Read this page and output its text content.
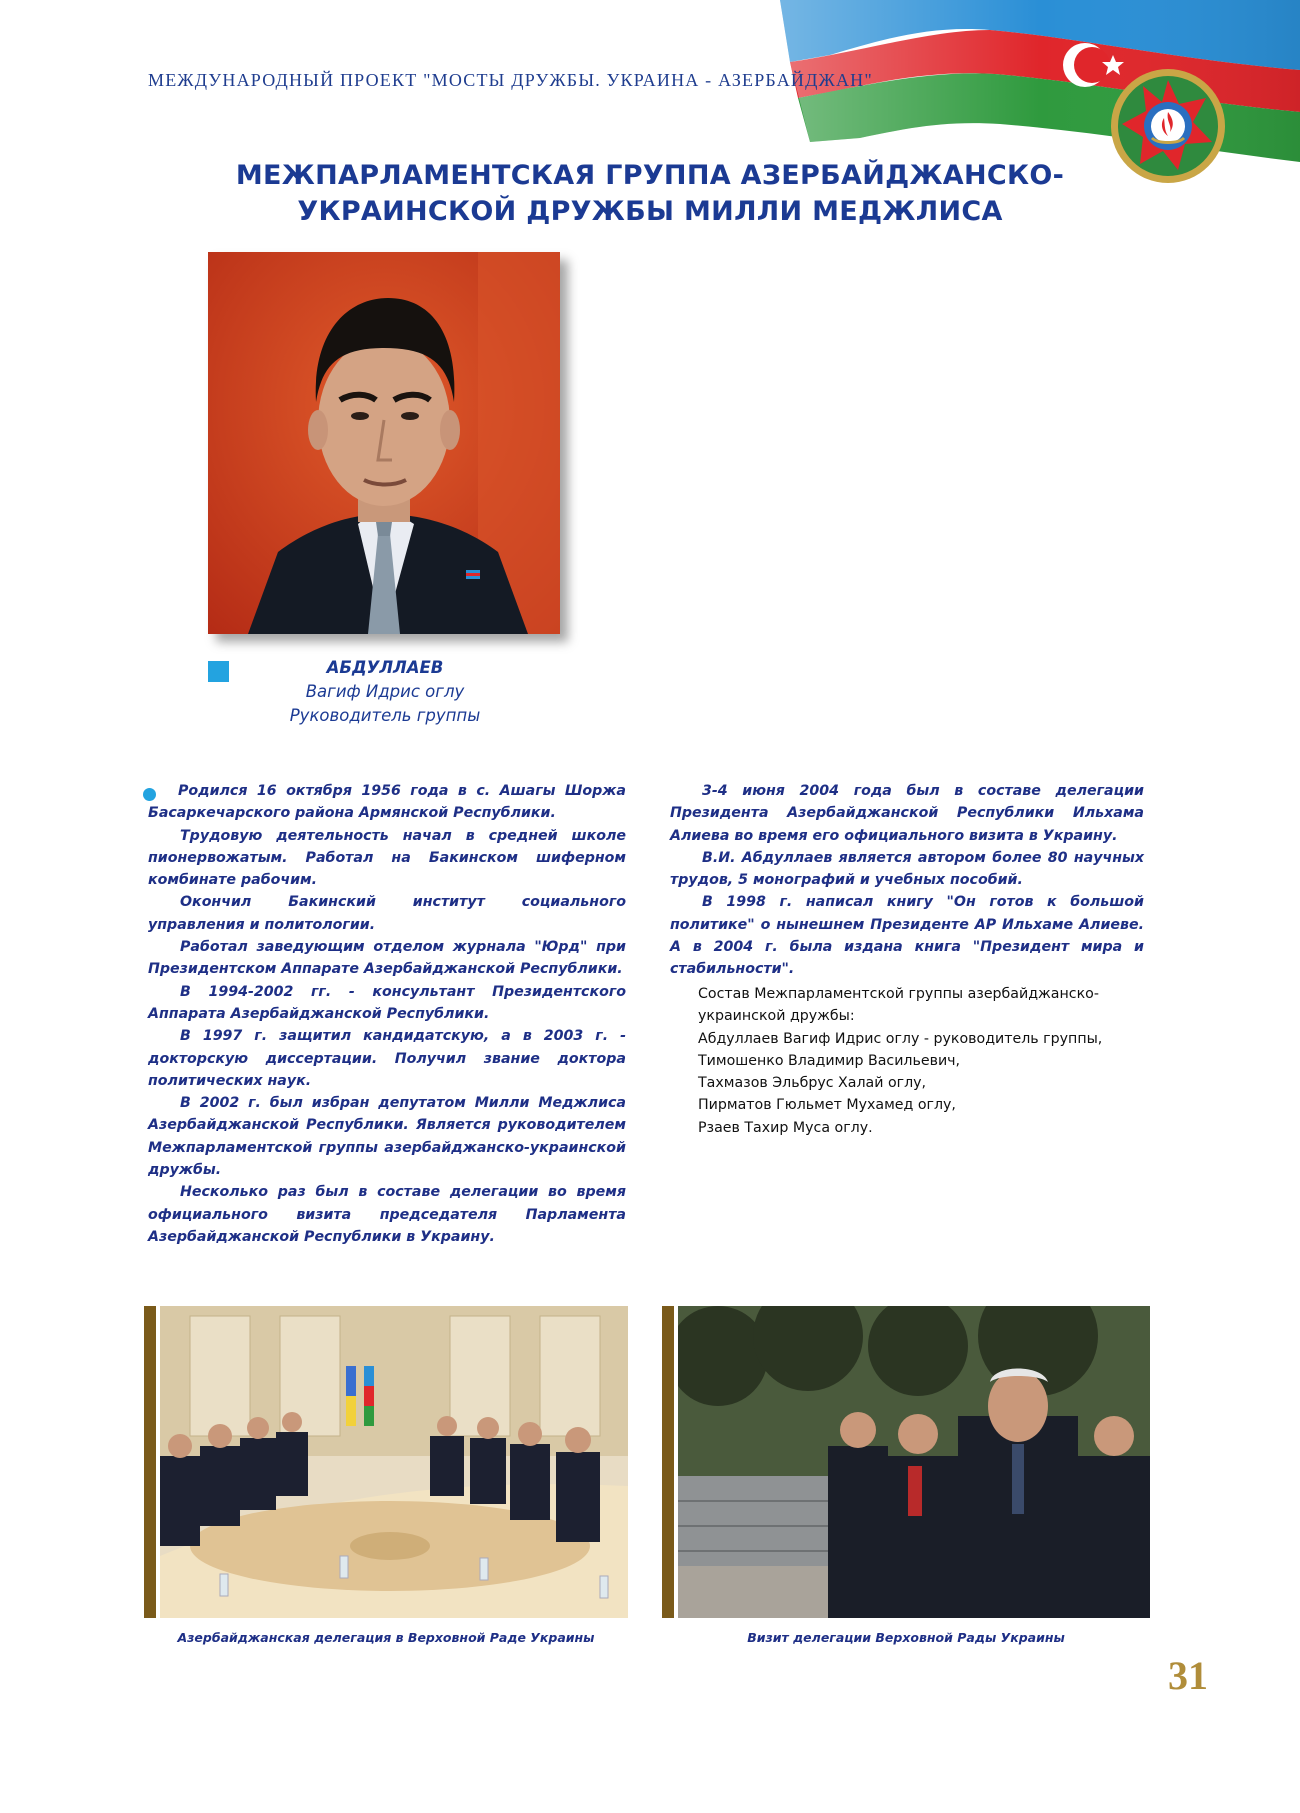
МЕЖДУНАРОДНЫЙ ПРОЕКТ "МОСТЫ ДРУЖБЫ. УКРАИНА - АЗЕРБАЙДЖАН"
МЕЖПАРЛАМЕНТСКАЯ ГРУППА АЗЕРБАЙДЖАНСКО-
УКРАИНСКОЙ ДРУЖБЫ МИЛЛИ МЕДЖЛИСА
АБДУЛЛАЕВ
Вагиф Идрис оглу
Руководитель группы

Родился 16 октября 1956 года в с. Ашагы Шоржа Басаркечарского района Армянской Республики.

Трудовую деятельность начал в средней школе пионервожатым. Работал на Бакинском шиферном комбинате рабочим.

Окончил Бакинский институт социального управления и политологии.

Работал заведующим отделом журнала "Юрд" при Президентском Аппарате Азербайджанской Республики.

В 1994-2002 гг. - консультант Президентского Аппарата Азербайджанской Республики.

В 1997 г. защитил кандидатскую, а в 2003 г. - докторскую диссертации. Получил звание доктора политических наук.

В 2002 г. был избран депутатом Милли Меджлиса Азербайджанской Республики. Является руководителем Межпарламентской группы азербайджанско-украинской дружбы.

Несколько раз был в составе делегации во время официального визита председателя Парламента Азербайджанской Республики в Украину.

3-4 июня 2004 года был в составе делегации Президента Азербайджанской Республики Ильхама Алиева во время его официального визита в Украину.

В.И. Абдуллаев является автором более 80 научных трудов, 5 монографий и учебных пособий.

В 1998 г. написал книгу "Он готов к большой политике" о нынешнем Президенте АР Ильхаме Алиеве. А в 2004 г. была издана книга "Президент мира и стабильности".

Состав Межпарламентской группы азербайджанско-
украинской дружбы:
Абдуллаев Вагиф Идрис оглу - руководитель группы,
Тимошенко Владимир Васильевич,
Тахмазов Эльбрус Халай оглу,
Пирматов Гюльмет Мухамед оглу,
Рзаев Тахир Муса оглу.
Азербайджанская делегация в Верховной Раде Украины	Визит делегации Верховной Рады Украины
31
